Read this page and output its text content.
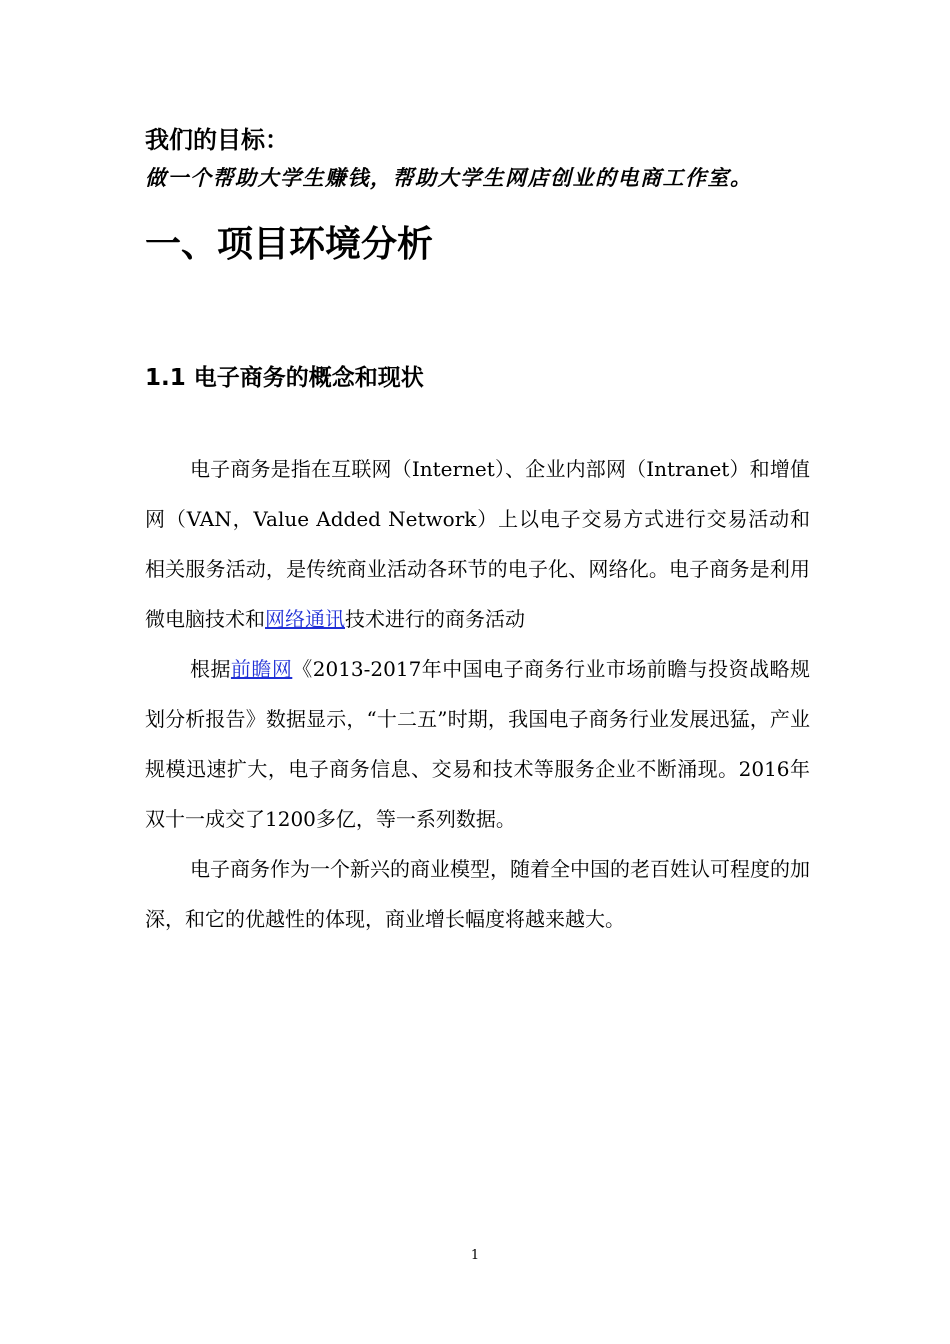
我们的目标：
做一个帮助大学生赚钱，帮助大学生网店创业的电商工作室。
一、项目环境分析
1.1 电子商务的概念和现状

电子商务是指在互联网（Internet）、企业内部网（Intranet）和增值网（VAN，Value Added Network）上以电子交易方式进行交易活动和相关服务活动，是传统商业活动各环节的电子化、网络化。电子商务是利用微电脑技术和网络通讯技术进行的商务活动

根据前瞻网《2013-2017年中国电子商务行业市场前瞻与投资战略规划分析报告》数据显示，“十二五”时期，我国电子商务行业发展迅猛，产业规模迅速扩大，电子商务信息、交易和技术等服务企业不断涌现。2016年双十一成交了1200多亿，等一系列数据。

电子商务作为一个新兴的商业模型，随着全中国的老百姓认可程度的加深，和它的优越性的体现，商业增长幅度将越来越大。

1
